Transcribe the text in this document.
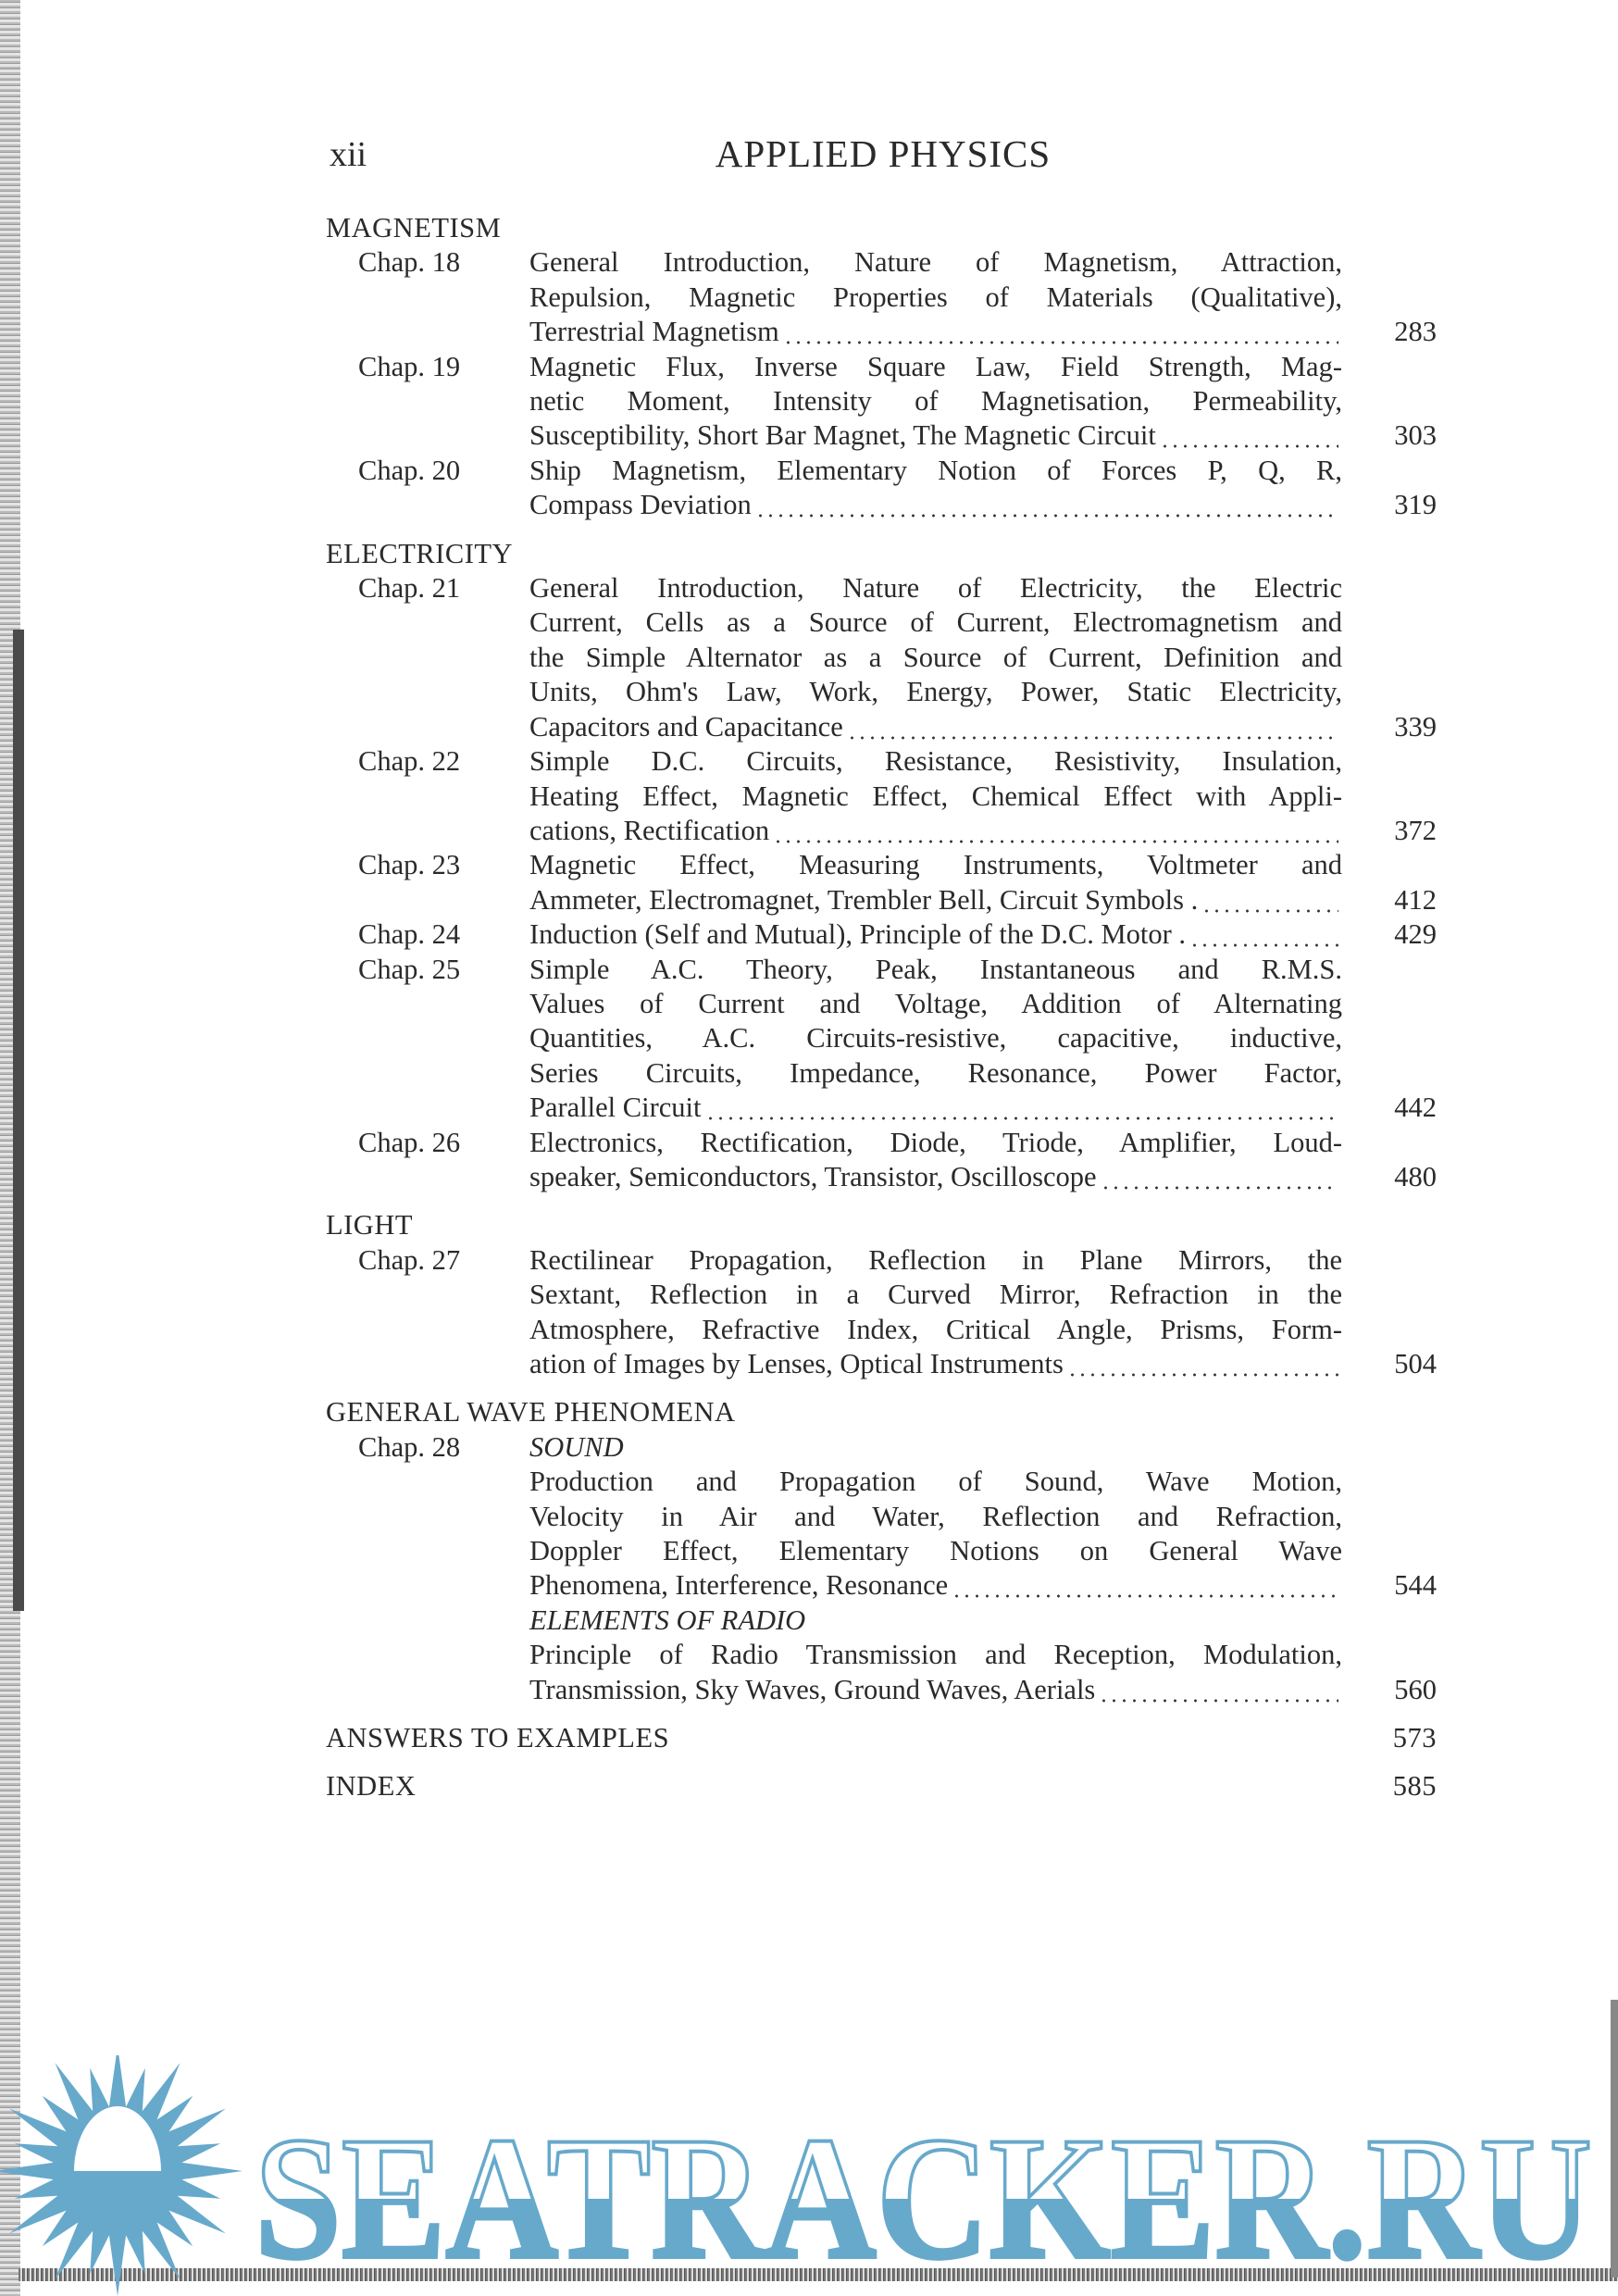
xii	APPLIED PHYSICS
MAGNETISM
Chap. 18	General Introduction, Nature of Magnetism, Attraction,
Repulsion, Magnetic Properties of Materials (Qualitative),
Terrestrial Magnetism	283
Chap. 19	Magnetic Flux, Inverse Square Law, Field Strength, Mag-
netic Moment, Intensity of Magnetisation, Permeability,
Susceptibility, Short Bar Magnet, The Magnetic Circuit	303
Chap. 20	Ship Magnetism, Elementary Notion of Forces P, Q, R,
Compass Deviation	319
ELECTRICITY
Chap. 21	General Introduction, Nature of Electricity, the Electric
Current, Cells as a Source of Current, Electromagnetism and
the Simple Alternator as a Source of Current, Definition and
Units, Ohm's Law, Work, Energy, Power, Static Electricity,
Capacitors and Capacitance	339
Chap. 22	Simple D.C. Circuits, Resistance, Resistivity, Insulation,
Heating Effect, Magnetic Effect, Chemical Effect with Appli-
cations, Rectification	372
Chap. 23	Magnetic Effect, Measuring Instruments, Voltmeter and
Ammeter, Electromagnet, Trembler Bell, Circuit Symbols .	412
Chap. 24	Induction (Self and Mutual), Principle of the D.C. Motor .	429
Chap. 25	Simple A.C. Theory, Peak, Instantaneous and R.M.S.
Values of Current and Voltage, Addition of Alternating
Quantities, A.C. Circuits-resistive, capacitive, inductive,
Series Circuits, Impedance, Resonance, Power Factor,
Parallel Circuit	442
Chap. 26	Electronics, Rectification, Diode, Triode, Amplifier, Loud-
speaker, Semiconductors, Transistor, Oscilloscope	480
LIGHT
Chap. 27	Rectilinear Propagation, Reflection in Plane Mirrors, the
Sextant, Reflection in a Curved Mirror, Refraction in the
Atmosphere, Refractive Index, Critical Angle, Prisms, Form-
ation of Images by Lenses, Optical Instruments	504
GENERAL WAVE PHENOMENA
Chap. 28	SOUND
Production and Propagation of Sound, Wave Motion,
Velocity in Air and Water, Reflection and Refraction,
Doppler Effect, Elementary Notions on General Wave
Phenomena, Interference, Resonance	544
ELEMENTS OF RADIO
Principle of Radio Transmission and Reception, Modulation,
Transmission, Sky Waves, Ground Waves, Aerials	560
ANSWERS TO EXAMPLES	573
INDEX	585
SEATRACKER.RU
